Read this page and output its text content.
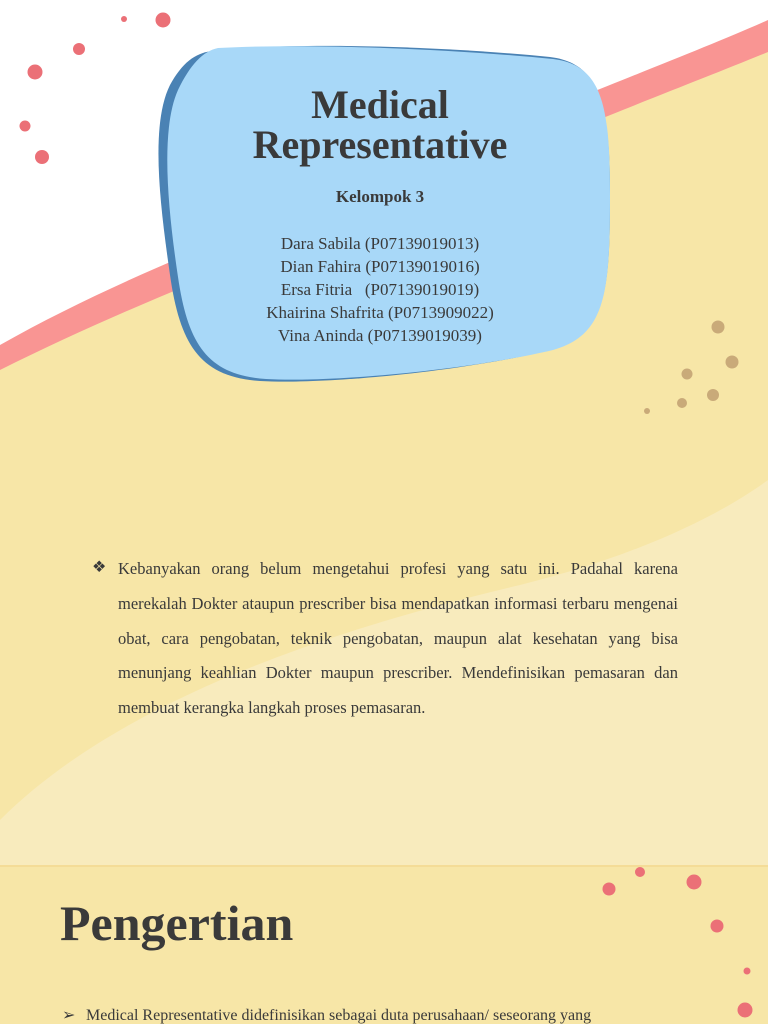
Medical
Representative
Kelompok 3
Dara Sabila (P07139019013)
Dian Fahira (P07139019016)
Ersa Fitria   (P07139019019)
Khairina Shafrita (P0713909022)
Vina Aninda (P07139019039)
❖ Kebanyakan orang belum mengetahui profesi yang satu ini. Padahal karena merekalah Dokter ataupun prescriber bisa mendapatkan informasi terbaru mengenai obat, cara pengobatan, teknik pengobatan, maupun alat kesehatan yang bisa menunjang keahlian Dokter maupun prescriber. Mendefinisikan pemasaran dan membuat kerangka langkah proses pemasaran.
Pengertian
➢ Medical Representative didefinisikan sebagai duta perusahaan/ seseorang yang
